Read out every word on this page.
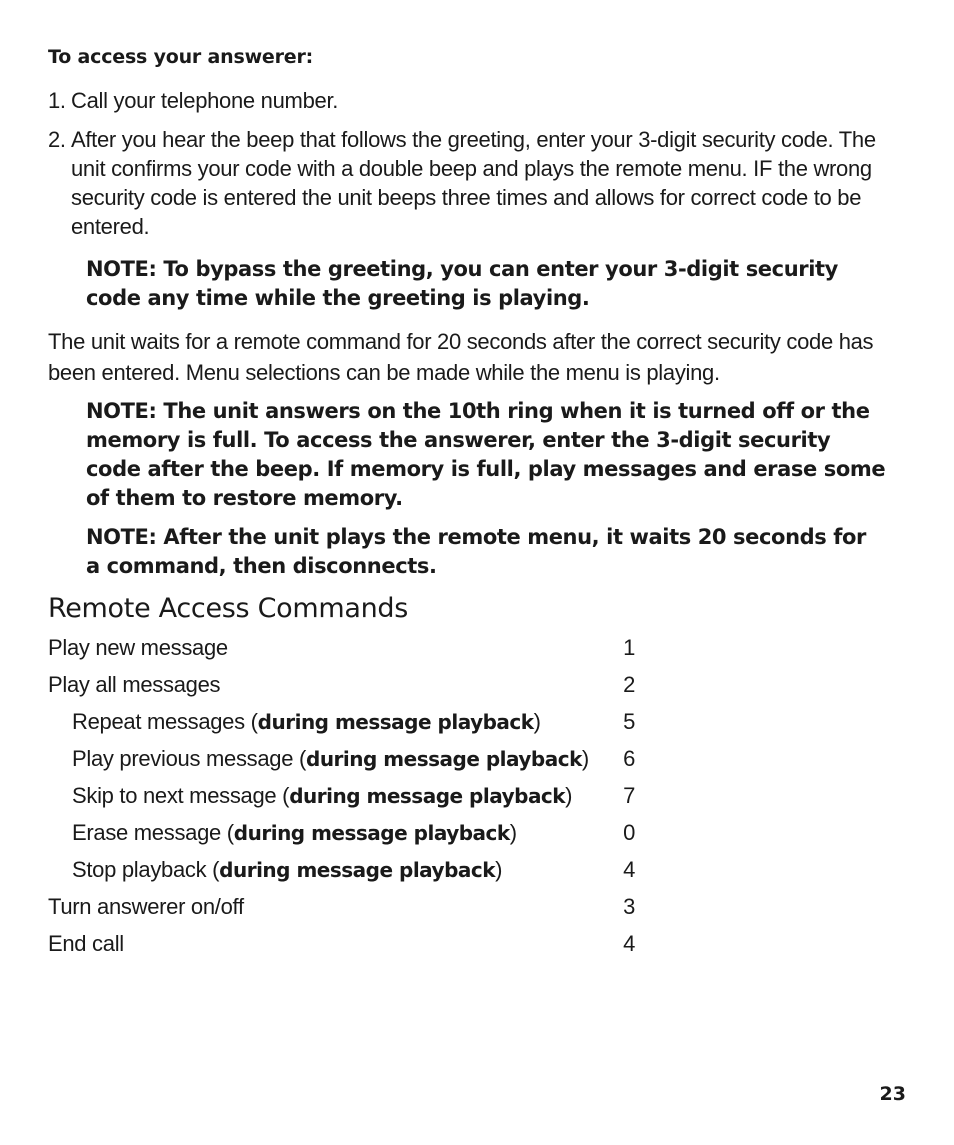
To access your answerer:
1. Call your telephone number.
2. After you hear the beep that follows the greeting, enter your 3-digit security code. The unit confirms your code with a double beep and plays the remote menu. IF the wrong security code is entered the unit beeps three times and allows for correct code to be entered.
NOTE: To bypass the greeting, you can enter your 3-digit security code any time while the greeting is playing.
The unit waits for a remote command for 20 seconds after the correct security code has been entered. Menu selections can be made while the menu is playing.
NOTE: The unit answers on the 10th ring when it is turned off or the memory is full. To access the answerer, enter the 3-digit security code after the beep. If memory is full, play messages and erase some of them to restore memory.
NOTE: After the unit plays the remote menu, it waits 20 seconds for a command, then disconnects.
Remote Access Commands
Play new message	1
Play all messages	2
Repeat messages (during message playback)	5
Play previous message (during message playback) 6
Skip to next message (during message playback) 7
Erase message (during message playback)	0
Stop playback (during message playback)	4
Turn answerer on/off	3
End call	4
23
